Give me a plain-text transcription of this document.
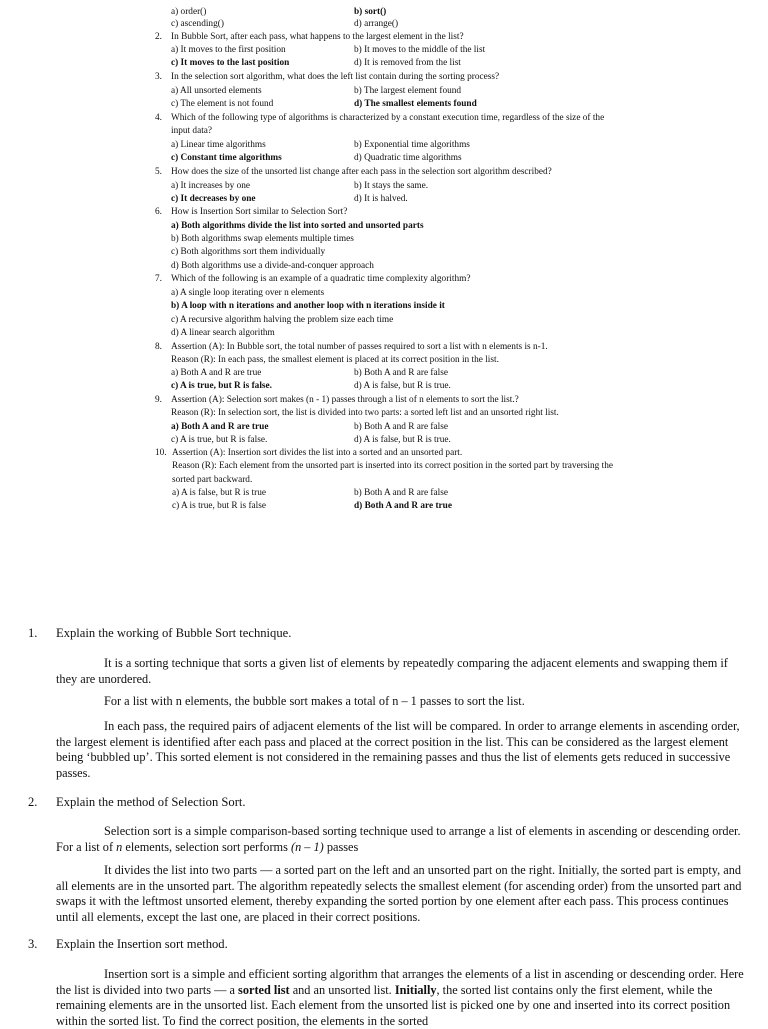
a) order()	b) sort()
c) ascending()	d) arrange()
2. In Bubble Sort, after each pass, what happens to the largest element in the list?
a) It moves to the first position	b) It moves to the middle of the list
c) It moves to the last position	d) It is removed from the list
3. In the selection sort algorithm, what does the left list contain during the sorting process?
a) All unsorted elements	b) The largest element found
c) The element is not found	d) The smallest elements found
4. Which of the following type of algorithms is characterized by a constant execution time, regardless of the size of the
input data?
a) Linear time algorithms	b) Exponential time algorithms
c) Constant time algorithms	d) Quadratic time algorithms
5. How does the size of the unsorted list change after each pass in the selection sort algorithm described?
a) It increases by one	b) It stays the same.
c) It decreases by one	d) It is halved.
6. How is Insertion Sort similar to Selection Sort?
a) Both algorithms divide the list into sorted and unsorted parts
b) Both algorithms swap elements multiple times
c) Both algorithms sort them individually
d) Both algorithms use a divide-and-conquer approach
7. Which of the following is an example of a quadratic time complexity algorithm?
a) A single loop iterating over n elements
b) A loop with n iterations and another loop with n iterations inside it
c) A recursive algorithm halving the problem size each time
d) A linear search algorithm
8. Assertion (A): In Bubble sort, the total number of passes required to sort a list with n elements is n-1.
Reason (R): In each pass, the smallest element is placed at its correct position in the list.
a) Both A and R are true	b) Both A and R are false
c) A is true, but R is false.	d) A is false, but R is true.
9. Assertion (A): Selection sort makes (n - 1) passes through a list of n elements to sort the list.?
Reason (R): In selection sort, the list is divided into two parts: a sorted left list and an unsorted right list.
a) Both A and R are true	b) Both A and R are false
c) A is true, but R is false.	d) A is false, but R is true.
10. Assertion (A): Insertion sort divides the list into a sorted and an unsorted part.
Reason (R): Each element from the unsorted part is inserted into its correct position in the sorted part by traversing the
sorted part backward.
a) A is false, but R is true	b) Both A and R are false
c) A is true, but R is false	d) Both A and R are true
1. Explain the working of Bubble Sort technique.
It is a sorting technique that sorts a given list of elements by repeatedly comparing the adjacent elements and swapping them if they are unordered.
For a list with n elements, the bubble sort makes a total of n – 1 passes to sort the list.
In each pass, the required pairs of adjacent elements of the list will be compared. In order to arrange elements in ascending order, the largest element is identified after each pass and placed at the correct position in the list. This can be considered as the largest element being ‘bubbled up’. This sorted element is not considered in the remaining passes and thus the list of elements gets reduced in successive passes.
2. Explain the method of Selection Sort.
Selection sort is a simple comparison-based sorting technique used to arrange a list of elements in ascending or descending order. For a list of n elements, selection sort performs (n – 1) passes
It divides the list into two parts — a sorted part on the left and an unsorted part on the right. Initially, the sorted part is empty, and all elements are in the unsorted part. The algorithm repeatedly selects the smallest element (for ascending order) from the unsorted part and swaps it with the leftmost unsorted element, thereby expanding the sorted portion by one element after each pass. This process continues until all elements, except the last one, are placed in their correct positions.
3. Explain the Insertion sort method.
Insertion sort is a simple and efficient sorting algorithm that arranges the elements of a list in ascending or descending order. Here the list is divided into two parts — a sorted list and an unsorted list. Initially, the sorted list contains only the first element, while the remaining elements are in the unsorted list. Each element from the unsorted list is picked one by one and inserted into its correct position within the sorted list. To find the correct position, the elements in the sorted
